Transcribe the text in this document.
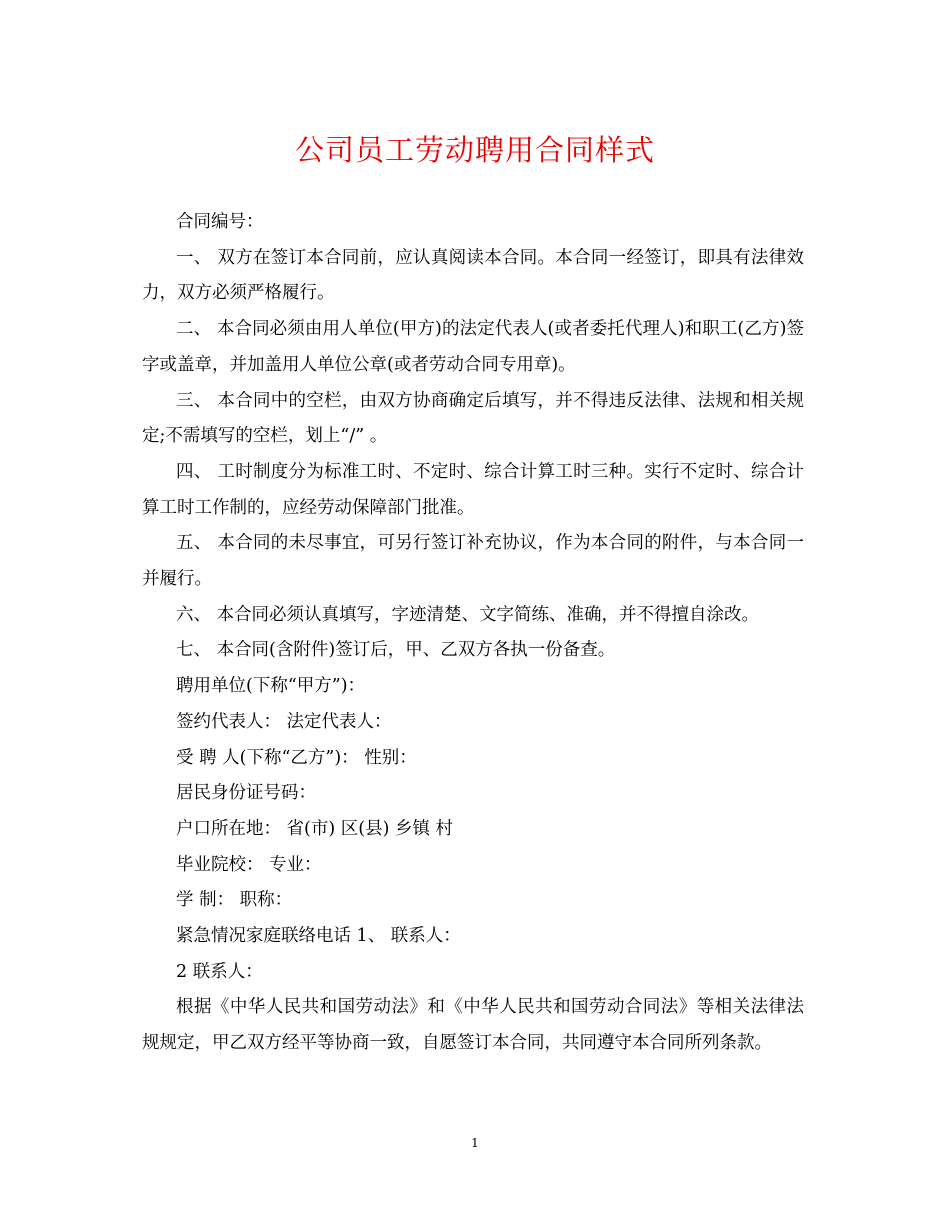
公司员工劳动聘用合同样式

合同编号：

一、 双方在签订本合同前，应认真阅读本合同。本合同一经签订，即具有法律效力，双方必须严格履行。

二、 本合同必须由用人单位(甲方)的法定代表人(或者委托代理人)和职工(乙方)签字或盖章，并加盖用人单位公章(或者劳动合同专用章)。

三、 本合同中的空栏，由双方协商确定后填写，并不得违反法律、法规和相关规定;不需填写的空栏，划上“/” 。

四、 工时制度分为标准工时、不定时、综合计算工时三种。实行不定时、综合计算工时工作制的，应经劳动保障部门批准。

五、 本合同的未尽事宜，可另行签订补充协议，作为本合同的附件，与本合同一并履行。

六、 本合同必须认真填写，字迹清楚、文字简练、准确，并不得擅自涂改。

七、 本合同(含附件)签订后，甲、乙双方各执一份备查。

聘用单位(下称“甲方”)：

签约代表人： 法定代表人：

受 聘 人(下称“乙方”)： 性别：

居民身份证号码：

户口所在地： 省(市) 区(县) 乡镇 村

毕业院校： 专业：

学 制： 职称：

紧急情况家庭联络电话 1、 联系人：

2 联系人：

根据《中华人民共和国劳动法》和《中华人民共和国劳动合同法》等相关法律法规规定，甲乙双方经平等协商一致，自愿签订本合同，共同遵守本合同所列条款。

1
